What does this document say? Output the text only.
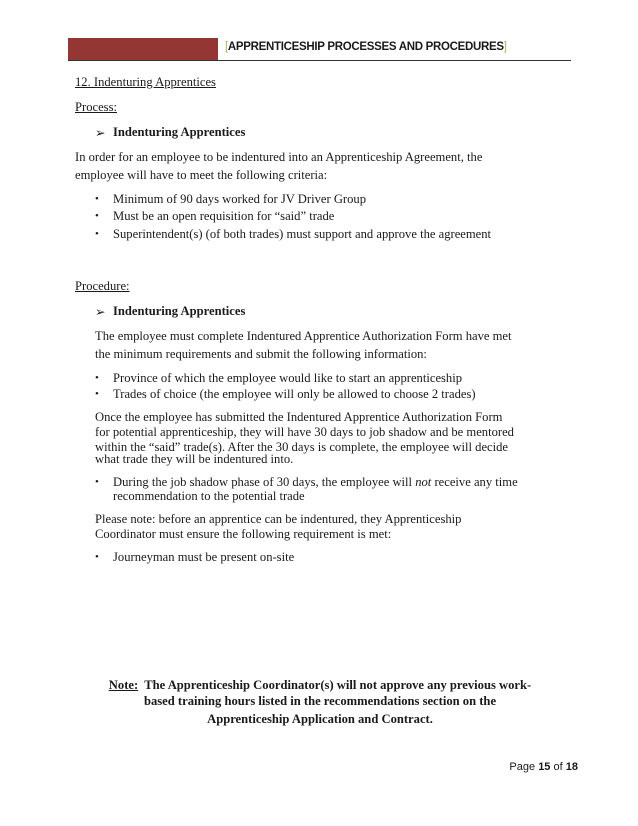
[APPRENTICESHIP PROCESSES AND PROCEDURES]
12. Indenturing Apprentices
Process:
➢ Indenturing Apprentices
In order for an employee to be indentured into an Apprenticeship Agreement, the
employee will have to meet the following criteria:
• Minimum of 90 days worked for JV Driver Group
• Must be an open requisition for “said” trade
• Superintendent(s) (of both trades) must support and approve the agreement
Procedure:
➢ Indenturing Apprentices
The employee must complete Indentured Apprentice Authorization Form have met
the minimum requirements and submit the following information:
• Province of which the employee would like to start an apprenticeship
• Trades of choice (the employee will only be allowed to choose 2 trades)
Once the employee has submitted the Indentured Apprentice Authorization Form
for potential apprenticeship, they will have 30 days to job shadow and be mentored
within the “said” trade(s). After the 30 days is complete, the employee will decide
what trade they will be indentured into.
• During the job shadow phase of 30 days, the employee will not receive any time
recommendation to the potential trade
Please note: before an apprentice can be indentured, they Apprenticeship
Coordinator must ensure the following requirement is met:
• Journeyman must be present on-site
Note: The Apprenticeship Coordinator(s) will not approve any previous work-
based training hours listed in the recommendations section on the
Apprenticeship Application and Contract.
Page 15 of 18
